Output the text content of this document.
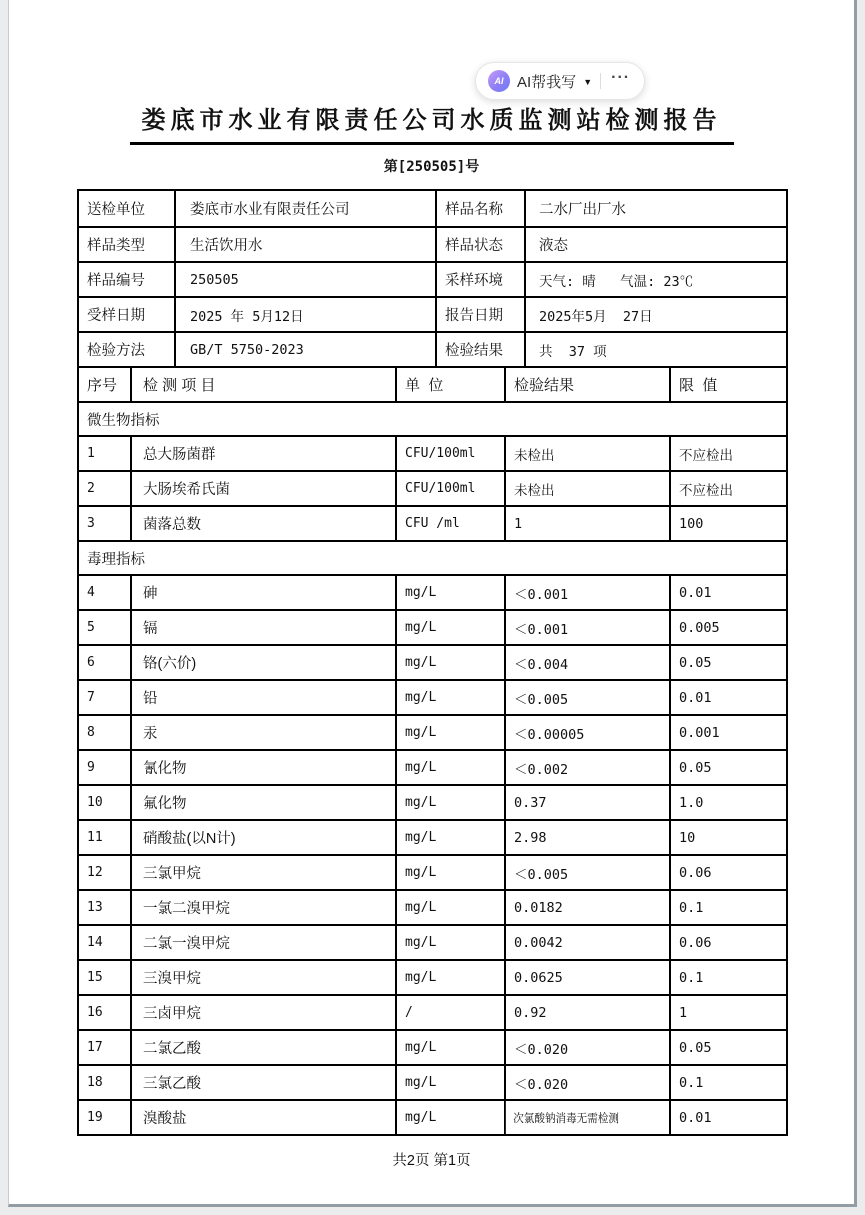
AI AI帮我写 ▼ ···
娄底市水业有限责任公司水质监测站检测报告
第[250505]号
送检单位	娄底市水业有限责任公司	样品名称	二水厂出厂水
样品类型	生活饮用水	样品状态	液态
样品编号	250505	采样环境	天气: 晴   气温: 23℃
受样日期	2025 年 5月12日	报告日期	2025年5月  27日
检验方法	GB/T 5750-2023	检验结果	共  37 项
序号	检 测 项 目	单  位	检验结果	限  值
微生物指标
1	总大肠菌群	CFU/100ml	未检出	不应检出
2	大肠埃希氏菌	CFU/100ml	未检出	不应检出
3	菌落总数	CFU /ml	1	100
毒理指标
4	砷	mg/L	＜0.001	0.01
5	镉	mg/L	＜0.001	0.005
6	铬(六价)	mg/L	＜0.004	0.05
7	铅	mg/L	＜0.005	0.01
8	汞	mg/L	＜0.00005	0.001
9	氰化物	mg/L	＜0.002	0.05
10	氟化物	mg/L	0.37	1.0
11	硝酸盐(以N计)	mg/L	2.98	10
12	三氯甲烷	mg/L	＜0.005	0.06
13	一氯二溴甲烷	mg/L	0.0182	0.1
14	二氯一溴甲烷	mg/L	0.0042	0.06
15	三溴甲烷	mg/L	0.0625	0.1
16	三卤甲烷	/	0.92	1
17	二氯乙酸	mg/L	＜0.020	0.05
18	三氯乙酸	mg/L	＜0.020	0.1
19	溴酸盐	mg/L	次氯酸钠消毒无需检测	0.01
共2页 第1页
